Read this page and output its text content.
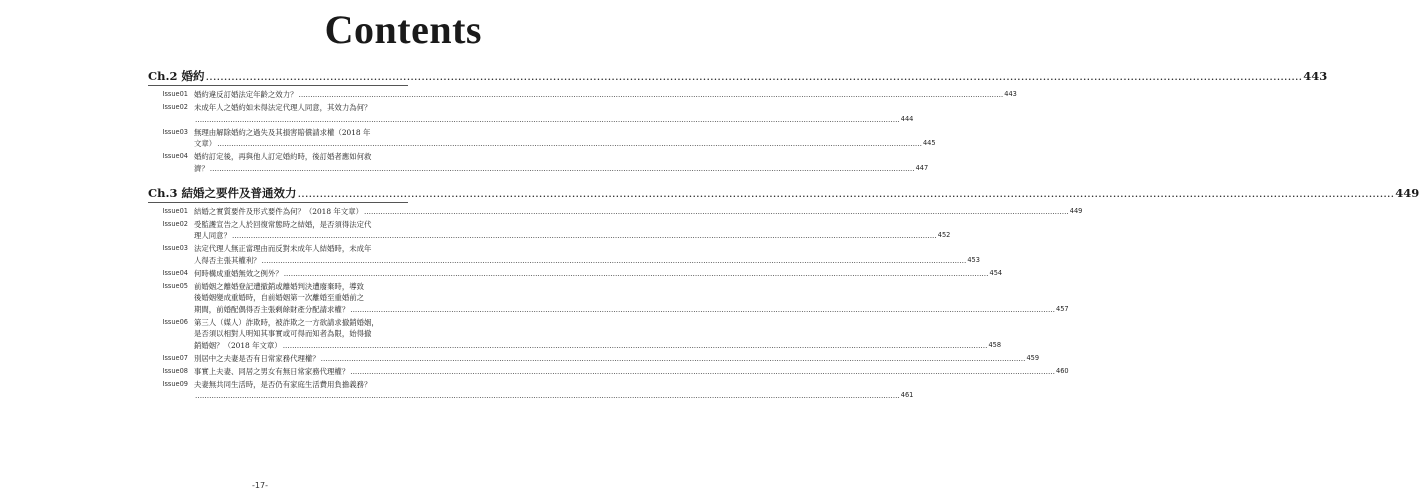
Contents
Ch.2 婚約 ............................................................................................................................................................................................................................................................................................................ 443
Issue01 婚約違反訂婚法定年齡之效力？ ............................................................................................................................................................................................................................................................................................................ 443
Issue02 未成年人之婚約如未得法定代理人同意，其效力為何？
............................................................................................................................................................................................................................................................................................................ 444
Issue03 無理由解除婚約之過失及其損害賠償請求權（2018 年
文章） ............................................................................................................................................................................................................................................................................................................ 445
Issue04 婚約訂定後，再與他人訂定婚約時，後訂婚者應如何救
濟？ ............................................................................................................................................................................................................................................................................................................ 447
Ch.3 結婚之要件及普通效力 ............................................................................................................................................................................................................................................................................................................ 449
Issue01 結婚之實質要件及形式要件為何？（2018 年文章） ............................................................................................................................................................................................................................................................................................................ 449
Issue02 受監護宣告之人於回復常態時之結婚，是否須得法定代
理人同意？ ............................................................................................................................................................................................................................................................................................................ 452
Issue03 法定代理人無正當理由而反對未成年人結婚時，未成年
人得否主張其權利？ ............................................................................................................................................................................................................................................................................................................ 453
Issue04 何時構成重婚無效之例外？ ............................................................................................................................................................................................................................................................................................................ 454
Issue05 前婚姻之離婚登記遭撤銷或離婚判決遭廢棄時，導致
後婚姻變成重婚時，自前婚姻第一次離婚至重婚前之
期間，前婚配偶得否主張剩餘財產分配請求權？ ............................................................................................................................................................................................................................................................................................................ 457
Issue06 第三人（媒人）詐欺時，被詐欺之一方欲請求撤銷婚姻，
是否須以相對人明知其事實或可得而知者為限，始得撤
銷婚姻？（2018 年文章） ............................................................................................................................................................................................................................................................................................................ 458
Issue07 別居中之夫妻是否有日常家務代理權？ ............................................................................................................................................................................................................................................................................................................ 459
Issue08 事實上夫妻、同居之男女有無日常家務代理權？ ............................................................................................................................................................................................................................................................................................................ 460
Issue09 夫妻無共同生活時，是否仍有家庭生活費用負擔義務？
............................................................................................................................................................................................................................................................................................................ 461
-17-
